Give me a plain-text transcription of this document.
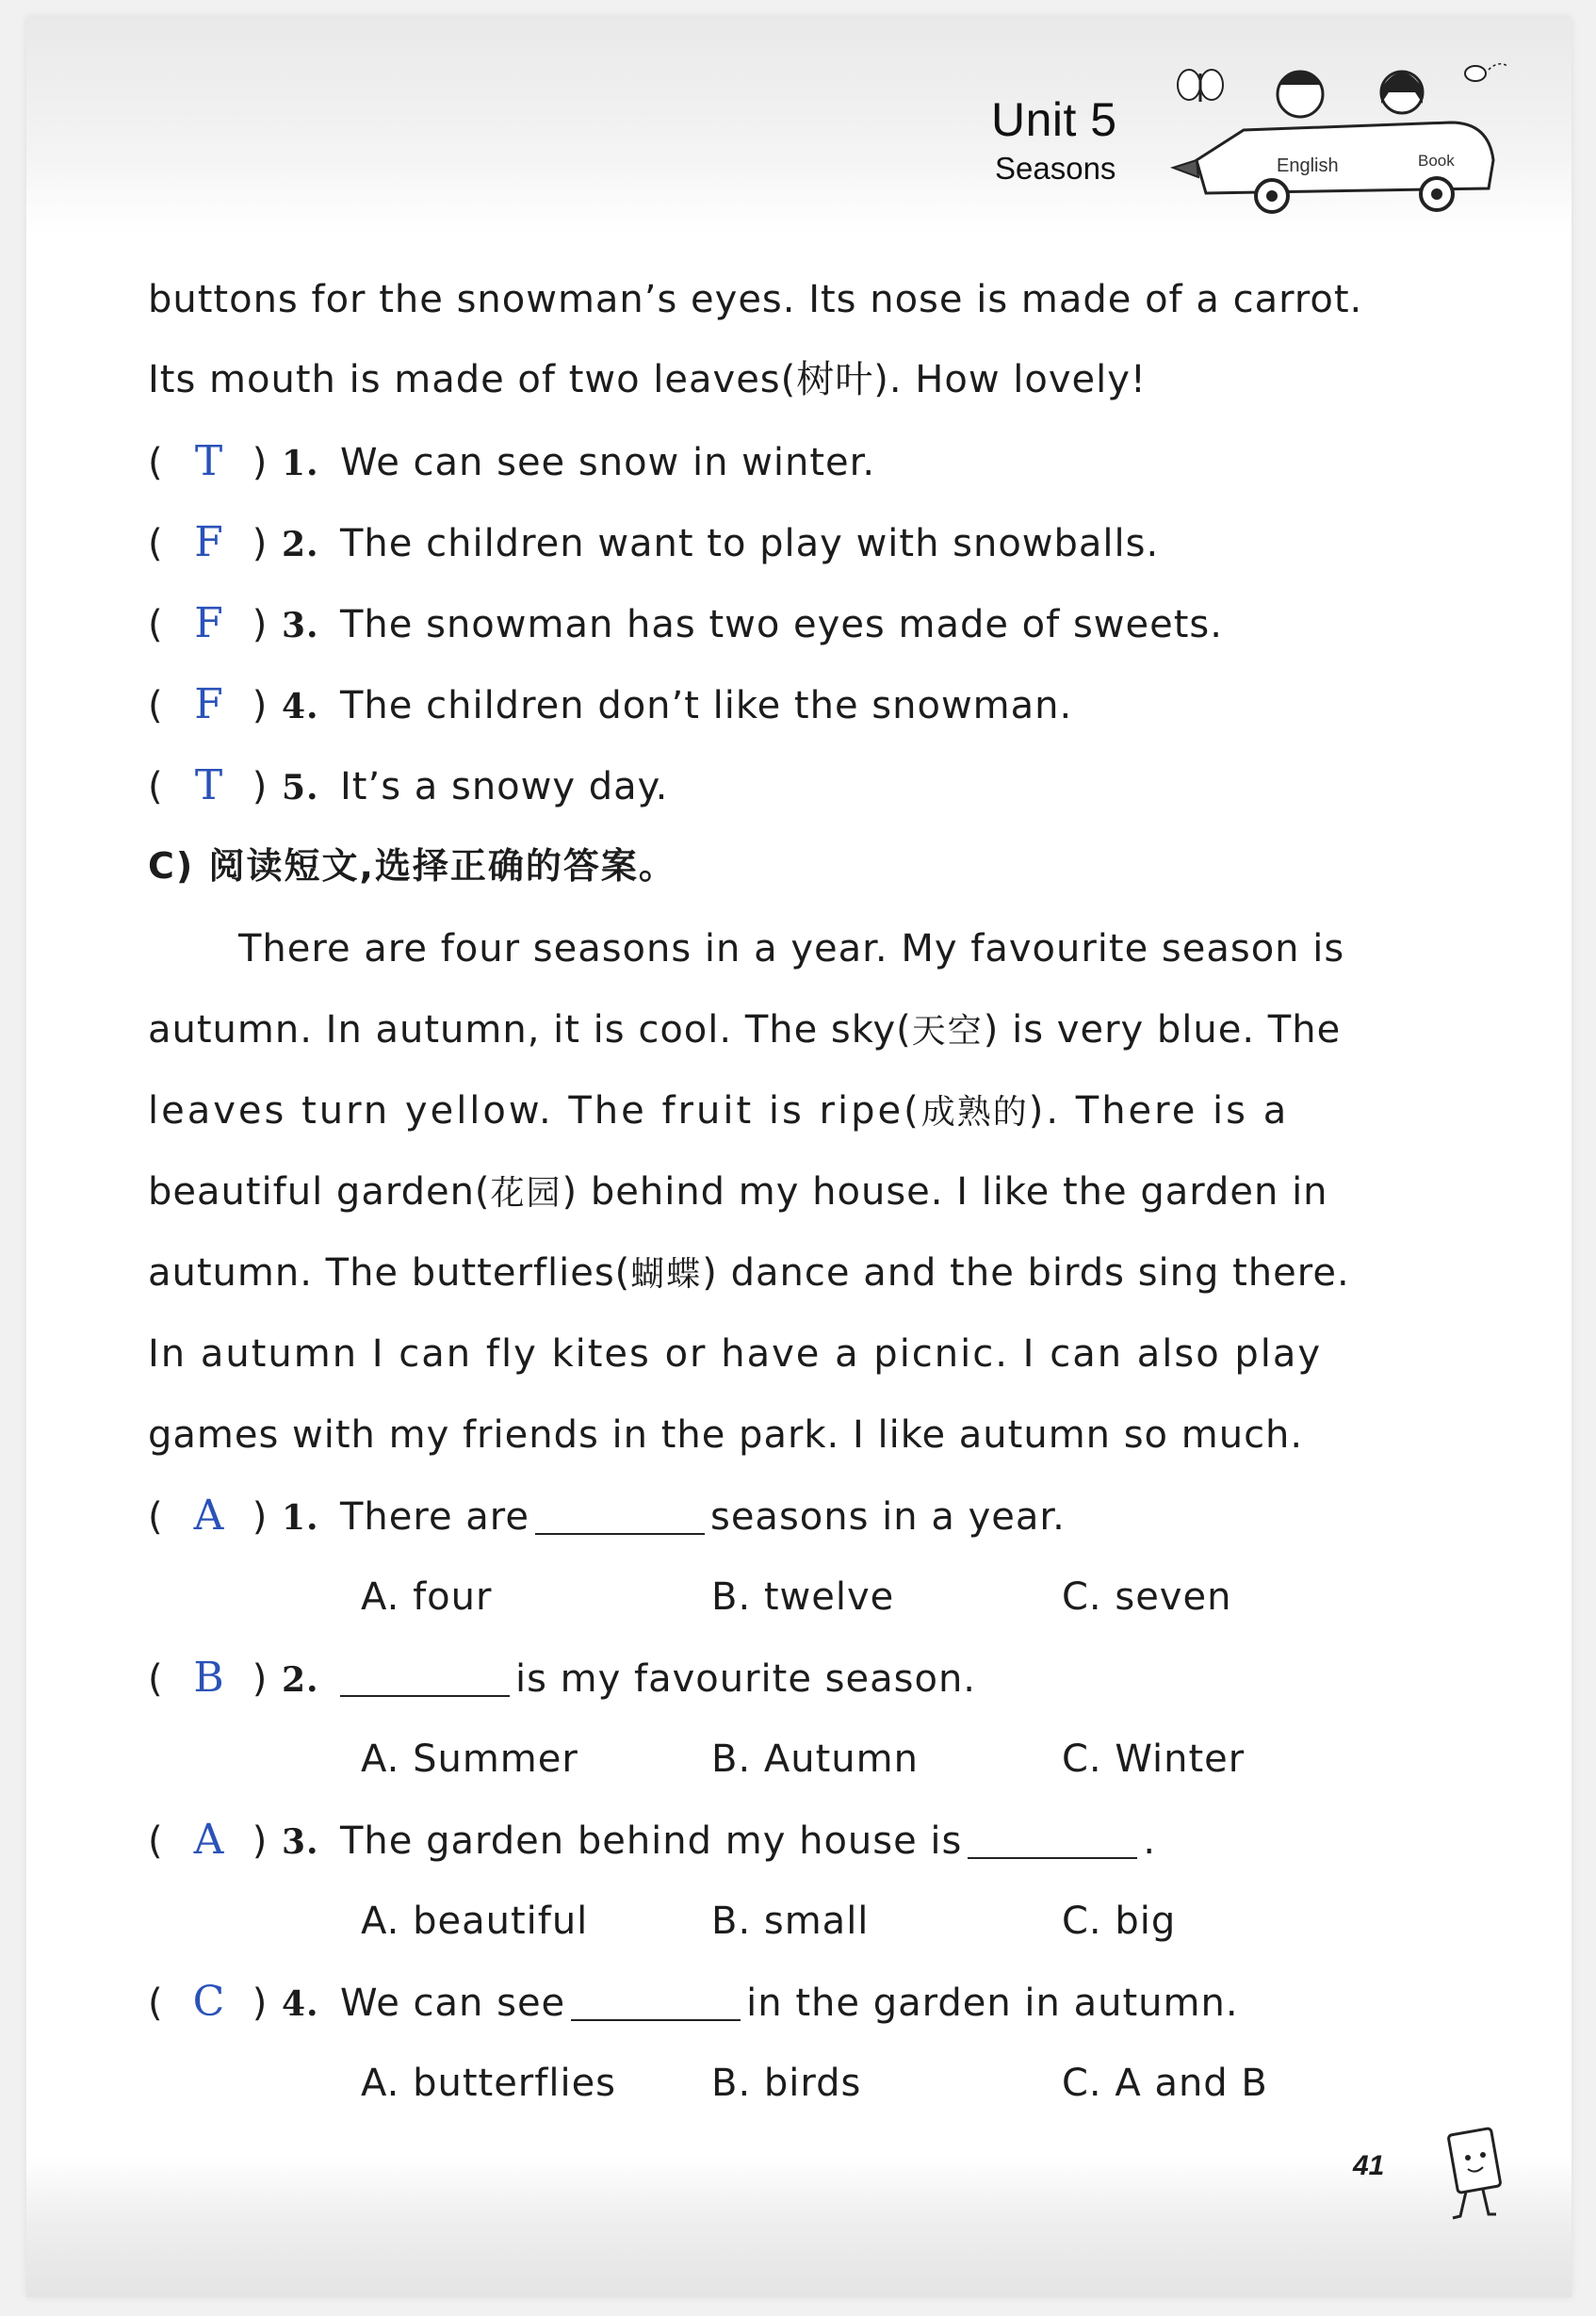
Unit 5
Seasons	English	Book
buttons for the snowman’s eyes. Its nose is made of a carrot.
Its mouth is made of two leaves(树叶). How lovely!
( T ) 1. We can see snow in winter.
( F ) 2. The children want to play with snowballs.
( F ) 3. The snowman has two eyes made of sweets.
( F ) 4. The children don’t like the snowman.
( T ) 5. It’s a snowy day.
C) 阅读短文,选择正确的答案。
There are four seasons in a year. My favourite season is
autumn. In autumn, it is cool. The sky(天空) is very blue. The
leaves turn yellow. The fruit is ripe(成熟的). There is a
beautiful garden(花园) behind my house. I like the garden in
autumn. The butterflies(蝴蝶) dance and the birds sing there.
In autumn I can fly kites or have a picnic. I can also play
games with my friends in the park. I like autumn so much.
( A ) 1. There are	seasons in a year.
A. four	B. twelve	C. seven
( B ) 2.	is my favourite season.
A. Summer	B. Autumn	C. Winter
( A ) 3. The garden behind my house is	.
A. beautiful	B. small	C. big
( C ) 4. We can see	in the garden in autumn.
A. butterflies	B. birds	C. A and B
41
